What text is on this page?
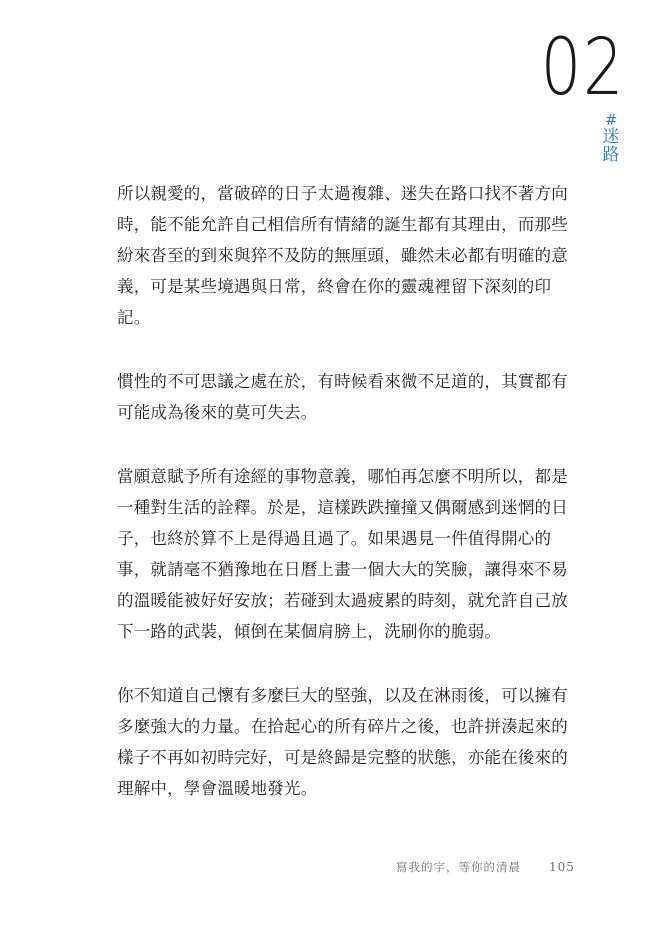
02
#
迷
路

所以親愛的，當破碎的日子太過複雜、迷失在路口找不著方向時，能不能允許自己相信所有情緒的誕生都有其理由，而那些紛來沓至的到來與猝不及防的無厘頭，雖然未必都有明確的意義，可是某些境遇與日常，終會在你的靈魂裡留下深刻的印記。

慣性的不可思議之處在於，有時候看來微不足道的，其實都有可能成為後來的莫可失去。

當願意賦予所有途經的事物意義，哪怕再怎麼不明所以，都是一種對生活的詮釋。於是，這樣跌跌撞撞又偶爾感到迷惘的日子，也終於算不上是得過且過了。如果遇見一件值得開心的事，就請毫不猶豫地在日曆上畫一個大大的笑臉，讓得來不易的溫暖能被好好安放；若碰到太過疲累的時刻，就允許自己放下一路的武裝，傾倒在某個肩膀上，洗刷你的脆弱。

你不知道自己懷有多麼巨大的堅強，以及在淋雨後，可以擁有多麼強大的力量。在拾起心的所有碎片之後，也許拼湊起來的樣子不再如初時完好，可是終歸是完整的狀態，亦能在後來的理解中，學會溫暖地發光。

寫我的字，等你的清晨 105
